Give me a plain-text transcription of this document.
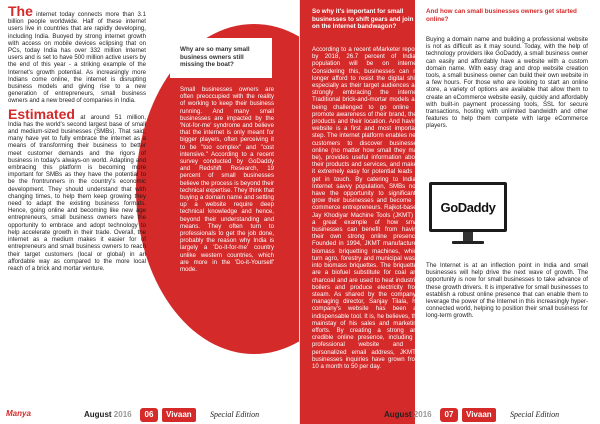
The internet today connects more than 3.1 billion people worldwide. Half of these internet users live in countries that are rapidly developing, including India. Buoyed by strong internet growth with access on mobile devices eclipsing that on PCs, today India has over 332 million Internet users and is set to have 500 million active users by the end of this year - a striking example of the Internet's growth potential. As increasingly more Indians come online, the internet is disrupting business models and giving rise to a new generation of entrepreneurs, small business owners and a new breed of companies in India.

Estimated at around 51 million, India has the world's second largest base of small and medium-sized businesses (SMBs). That said, many have yet to fully embrace the internet as a means of transforming their business to better meet customer demands and the rigors of business in today's always-on world. Adapting and embracing this platform is becoming more important for SMBs as they have the potential to be the frontrunners in the country's economic development. They should understand that with changing times, to help them keep growing they need to adapt the existing business formats. Hence, going online and becoming like new age entrepreneurs, small business owners have the opportunity to embrace and adopt technology to help accelerate growth in their trade. Overall, the internet as a medium makes it easier for of entrepreneurs and small business owners to reach their target customers (local or global) in an affordable way as compared to the more local reach of a brick and mortar venture.

Why are so many small business owners still missing the boat?

Small businesses owners are often preoccupied with the reality of working to keep their business running. And many small businesses are impacted by the 'Not-for-me' syndrome and believe that the internet is only meant for bigger players, often perceiving it to be "too complex" and "cost intensive." According to a recent survey conducted by GoDaddy and Redshift Research, 19 percent of small businesses believe the process is beyond their technical expertise. They think that buying a domain name and setting up a website require deep technical knowledge and hence, beyond their understanding and means. They often turn to professionals to get the job done, probably the reason why India is largely a 'Do-it-for-me' country unlike western countries, which are more in the 'Do-it-Yourself' mode.

Manya	August 2016	06	Vivaan	Special Edition
So why it's important for small businesses to shift gears and join on the Internet bandwagon?

According to a recent eMarketer report, by 2018, 26.7 percent of India's population will be on internet. Considering this, businesses can no longer afford to resist the digital shift, especially as their target audiences are strongly embracing the internet. Traditional brick-and-mortar models are being challenged to go online to promote awareness of their brand, their products and their location. And having website is a first and most important step. The internet platform enables new customers to discover businesses online (no matter how small they may be), provides useful information about their products and services, and makes it extremely easy for potential leads to get in touch. By catering to India's Internet savvy population, SMBs now have the opportunity to significantly grow their businesses and become e-commerce entrepreneurs. Rajkot-based Jay Khodiyar Machine Tools (JKMT) is a great example of how small businesses can benefit from having their own strong online presence. Founded in 1994, JKMT manufactures biomass briquetting machines, which turn agro, forestry and municipal waste into biomass briquettes. The briquettes are a biofuel substitute for coal and charcoal and are used to heat industrial boilers and produce electricity from steam. As shared by the company's managing director, Sanjay Tilala, his company's website has been an indispensable tool. It is, he believes, the mainstay of his sales and marketing efforts. By creating a strong and credible online presence, including a professional website and a personalized email address, JKMT's businesses inquiries have grown from 10 a month to 50 per day.

And how can small businesses owners get started online?

Buying a domain name and building a professional website is not as difficult as it may sound. Today, with the help of technology providers like GoDaddy, a small business owner can easily and affordably have a website with a custom domain name. With easy drag and drop website creation tools, a small business owner can build their own website in a few hours. For those who are looking to start an online store, a variety of options are available that allow them to create an eCommerce website easily, quickly and affordably with built-in payment processing tools, SSL for secure transactions, hosting with unlimited bandwidth and other features to help them compete with large eCommerce players.

GoDaddy

The Internet is at an inflection point in India and small businesses will help drive the next wave of growth. The opportunity is now for small businesses to take advance of these growth drivers. It is imperative for small businesses to establish a robust online presence that can enable them to leverage the power of the Internet in this increasingly hyper-connected world, helping to position their small business for long-term growth.

Manya	August 2016	07	Vivaan	Special Edition
